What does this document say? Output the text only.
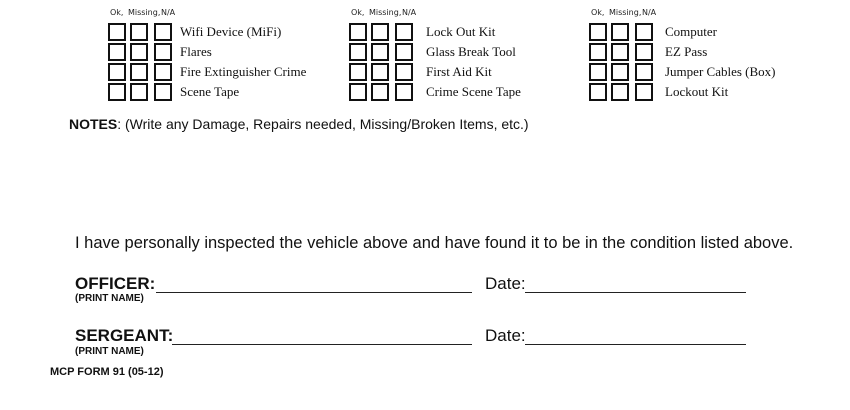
Ok, Missing, N/A
Wifi Device (MiFi)
Flares
Fire Extinguisher Crime
Scene Tape
Ok, Missing, N/A
Lock Out Kit
Glass Break Tool
First Aid Kit
Crime Scene Tape
Ok, Missing, N/A
Computer
EZ Pass
Jumper Cables (Box)
Lockout Kit
NOTES: (Write any Damage, Repairs needed, Missing/Broken Items, etc.)
I have personally inspected the vehicle above and have found it to be in the condition listed above.
OFFICER:
(PRINT NAME)
Date:
SERGEANT:
(PRINT NAME)
Date:
MCP FORM 91 (05-12)
